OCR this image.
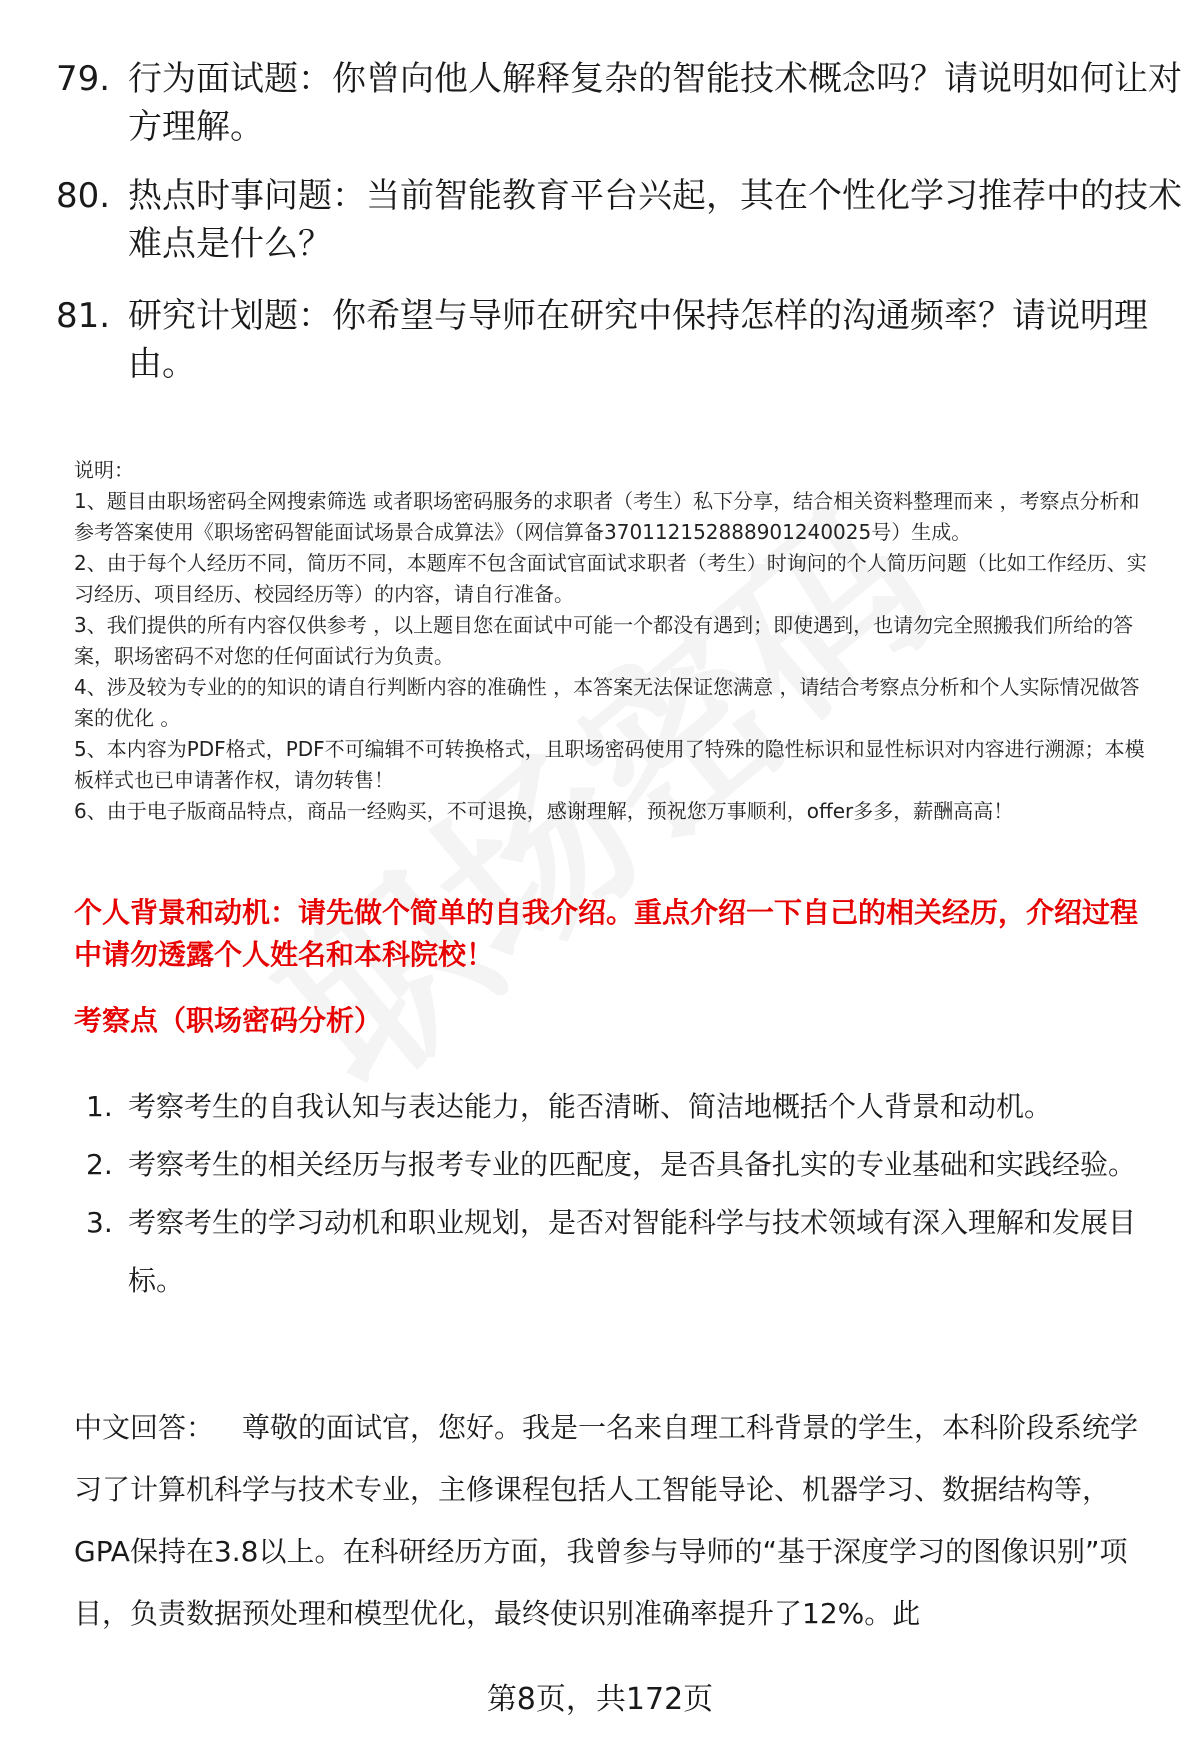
79. 行为面试题：你曾向他人解释复杂的智能技术概念吗？请说明如何让对方理解。
80. 热点时事问题：当前智能教育平台兴起，其在个性化学习推荐中的技术难点是什么？
81. 研究计划题：你希望与导师在研究中保持怎样的沟通频率？请说明理由。

说明：

1、题目由职场密码全网搜索筛选 或者职场密码服务的求职者（考生）私下分享，结合相关资料整理而来 ，考察点分析和参考答案使用《职场密码智能面试场景合成算法》（网信算备370112152888901240025号）生成。

2、由于每个人经历不同，简历不同，本题库不包含面试官面试求职者（考生）时询问的个人简历问题（比如工作经历、实习经历、项目经历、校园经历等）的内容，请自行准备。

3、我们提供的所有内容仅供参考 ，以上题目您在面试中可能一个都没有遇到；即使遇到，也请勿完全照搬我们所给的答案，职场密码不对您的任何面试行为负责。

4、涉及较为专业的的知识的请自行判断内容的准确性 ，本答案无法保证您满意 ，请结合考察点分析和个人实际情况做答案的优化 。

5、本内容为PDF格式，PDF不可编辑不可转换格式，且职场密码使用了特殊的隐性标识和显性标识对内容进行溯源；本模板样式也已申请著作权，请勿转售！

6、由于电子版商品特点，商品一经购买，不可退换，感谢理解，预祝您万事顺利，offer多多，薪酬高高！

个人背景和动机：请先做个简单的自我介绍。重点介绍一下自己的相关经历，介绍过程中请勿透露个人姓名和本科院校！
考察点（职场密码分析）
1. 考察考生的自我认知与表达能力，能否清晰、简洁地概括个人背景和动机。
2. 考察考生的相关经历与报考专业的匹配度，是否具备扎实的专业基础和实践经验。
3. 考察考生的学习动机和职业规划，是否对智能科学与技术领域有深入理解和发展目标。
中文回答： 尊敬的面试官，您好。我是一名来自理工科背景的学生，本科阶段系统学习了计算机科学与技术专业，主修课程包括人工智能导论、机器学习、数据结构等，GPA保持在3.8以上。在科研经历方面，我曾参与导师的“基于深度学习的图像识别”项目，负责数据预处理和模型优化，最终使识别准确率提升了12%。此
第8页，共172页
